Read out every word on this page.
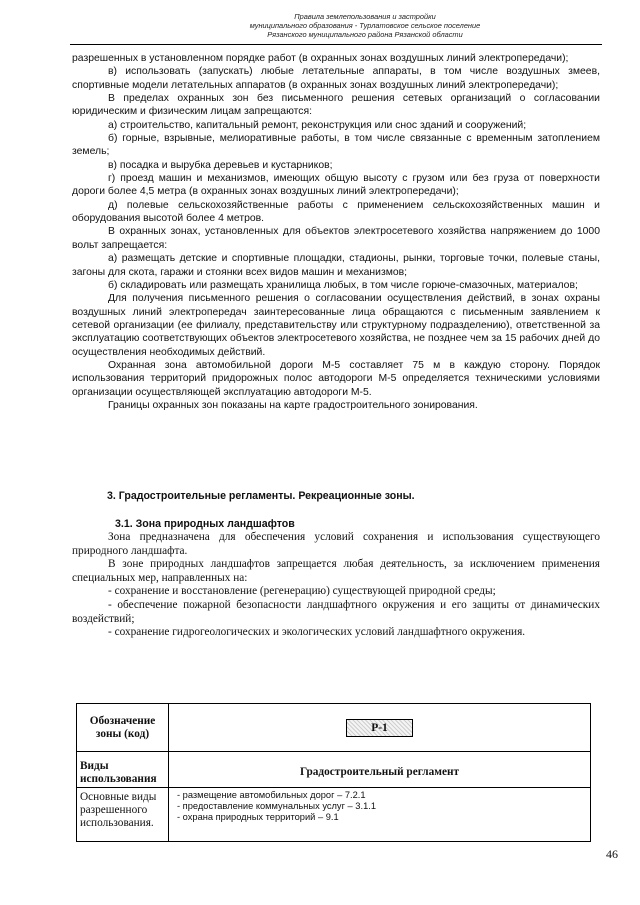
Правила землепользования и застройки
муниципального образования - Турлатовское сельское поселение
Рязанского муниципального района Рязанской области

разрешенных в установленном порядке работ (в охранных зонах воздушных линий электропередачи);

в) использовать (запускать) любые летательные аппараты, в том числе воздушных змеев, спортивные модели летательных аппаратов (в охранных зонах воздушных линий электропередачи);

В пределах охранных зон без письменного решения сетевых организаций о согласовании юридическим и физическим лицам запрещаются:

а) строительство, капитальный ремонт, реконструкция или снос зданий и сооружений;

б) горные, взрывные, мелиоративные работы, в том числе связанные с временным затоплением земель;

в) посадка и вырубка деревьев и кустарников;

г) проезд машин и механизмов, имеющих общую высоту с грузом или без груза от поверхности дороги более 4,5 метра (в охранных зонах воздушных линий электропередачи);

д) полевые сельскохозяйственные работы с применением сельскохозяйственных машин и оборудования высотой более 4 метров.

В охранных зонах, установленных для объектов электросетевого хозяйства напряжением до 1000 вольт запрещается:

а) размещать детские и спортивные площадки, стадионы, рынки, торговые точки, полевые станы, загоны для скота, гаражи и стоянки всех видов машин и механизмов;

б) складировать или размещать хранилища любых, в том числе горюче-смазочных, материалов;

Для получения письменного решения о согласовании осуществления действий, в зонах охраны воздушных линий электропередач заинтересованные лица обращаются с письменным заявлением к сетевой организации (ее филиалу, представительству или структурному подразделению), ответственной за эксплуатацию соответствующих объектов электросетевого хозяйства, не позднее чем за 15 рабочих дней до осуществления необходимых действий.

Охранная зона автомобильной дороги М-5 составляет 75 м в каждую сторону. Порядок использования территорий придорожных полос автодороги М-5 определяется техническими условиями организации осуществляющей эксплуатацию автодороги М-5.

Границы охранных зон показаны на карте градостроительного зонирования.

3. Градостроительные регламенты. Рекреационные зоны.
3.1. Зона природных ландшафтов

Зона предназначена для обеспечения условий сохранения и использования существующего природного ландшафта.

В зоне природных ландшафтов запрещается любая деятельность, за исключением применения специальных мер, направленных на:

- сохранение и восстановление (регенерацию) существующей природной среды;

- обеспечение пожарной безопасности ландшафтного окружения и его защиты от динамических воздействий;

- сохранение гидрогеологических и экологических условий ландшафтного окружения.

Обозначение зоны (код)	Р-1

Виды использования	Градостроительный регламент

Основные виды разрешенного использования.	- размещение автомобильных дорог – 7.2.1
- предоставление коммунальных услуг – 3.1.1
- охрана природных территорий – 9.1
46
